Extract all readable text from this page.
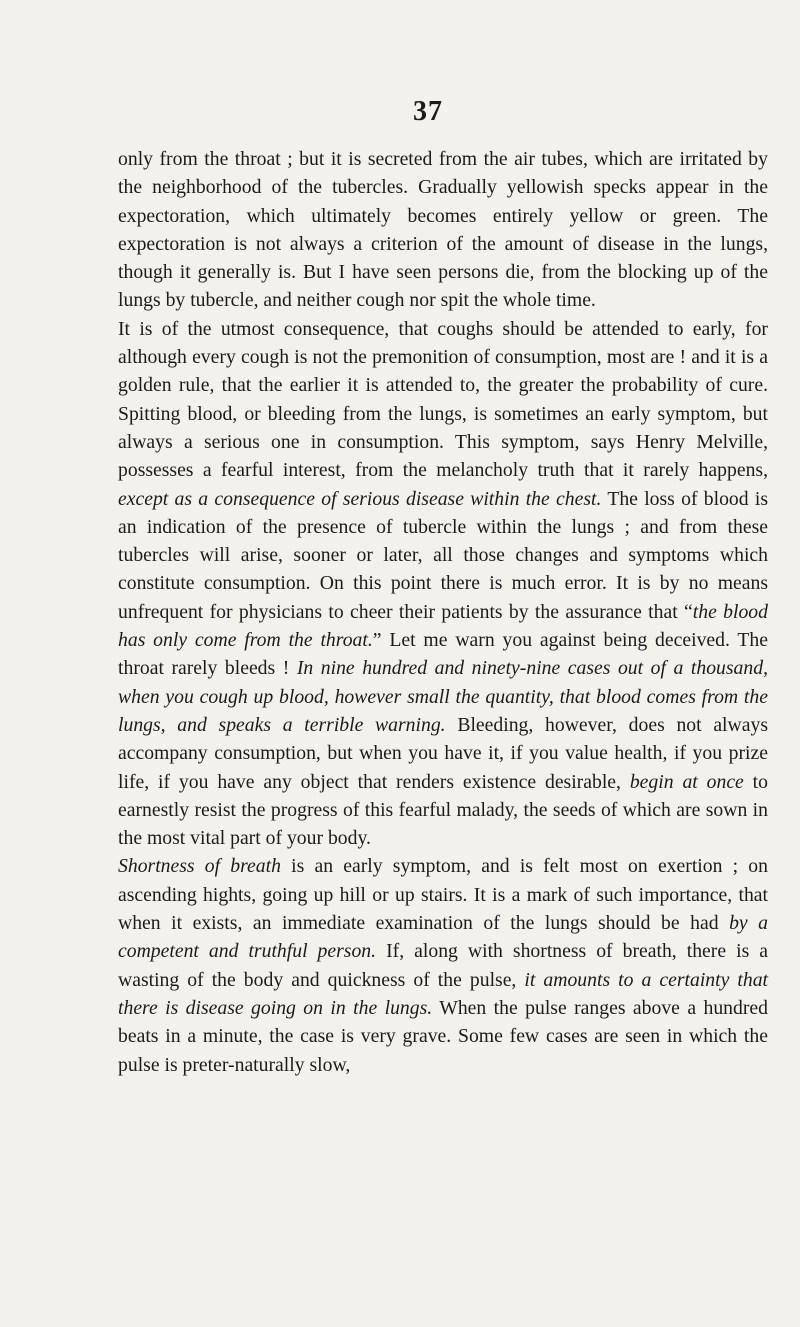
37

only from the throat ; but it is secreted from the air tubes, which are irritated by the neighborhood of the tubercles. Gradually yellowish specks appear in the expectoration, which ultimately becomes entirely yellow or green. The expectoration is not always a criterion of the amount of disease in the lungs, though it generally is. But I have seen persons die, from the blocking up of the lungs by tubercle, and neither cough nor spit the whole time.

It is of the utmost consequence, that coughs should be attended to early, for although every cough is not the premonition of consumption, most are ! and it is a golden rule, that the earlier it is attended to, the greater the probability of cure. Spitting blood, or bleeding from the lungs, is sometimes an early symptom, but always a serious one in consumption. This symptom, says Henry Melville, possesses a fearful interest, from the melancholy truth that it rarely happens, except as a consequence of serious disease within the chest. The loss of blood is an indication of the presence of tubercle within the lungs ; and from these tubercles will arise, sooner or later, all those changes and symptoms which constitute consumption. On this point there is much error. It is by no means unfrequent for physicians to cheer their patients by the assurance that “the blood has only come from the throat.” Let me warn you against being deceived. The throat rarely bleeds ! In nine hundred and ninety-nine cases out of a thousand, when you cough up blood, however small the quantity, that blood comes from the lungs, and speaks a terrible warning. Bleeding, however, does not always accompany consumption, but when you have it, if you value health, if you prize life, if you have any object that renders existence desirable, begin at once to earnestly resist the progress of this fearful malady, the seeds of which are sown in the most vital part of your body.

Shortness of breath is an early symptom, and is felt most on exertion ; on ascending hights, going up hill or up stairs. It is a mark of such importance, that when it exists, an immediate examination of the lungs should be had by a competent and truthful person. If, along with shortness of breath, there is a wasting of the body and quickness of the pulse, it amounts to a certainty that there is disease going on in the lungs. When the pulse ranges above a hundred beats in a minute, the case is very grave. Some few cases are seen in which the pulse is preter-naturally slow,
